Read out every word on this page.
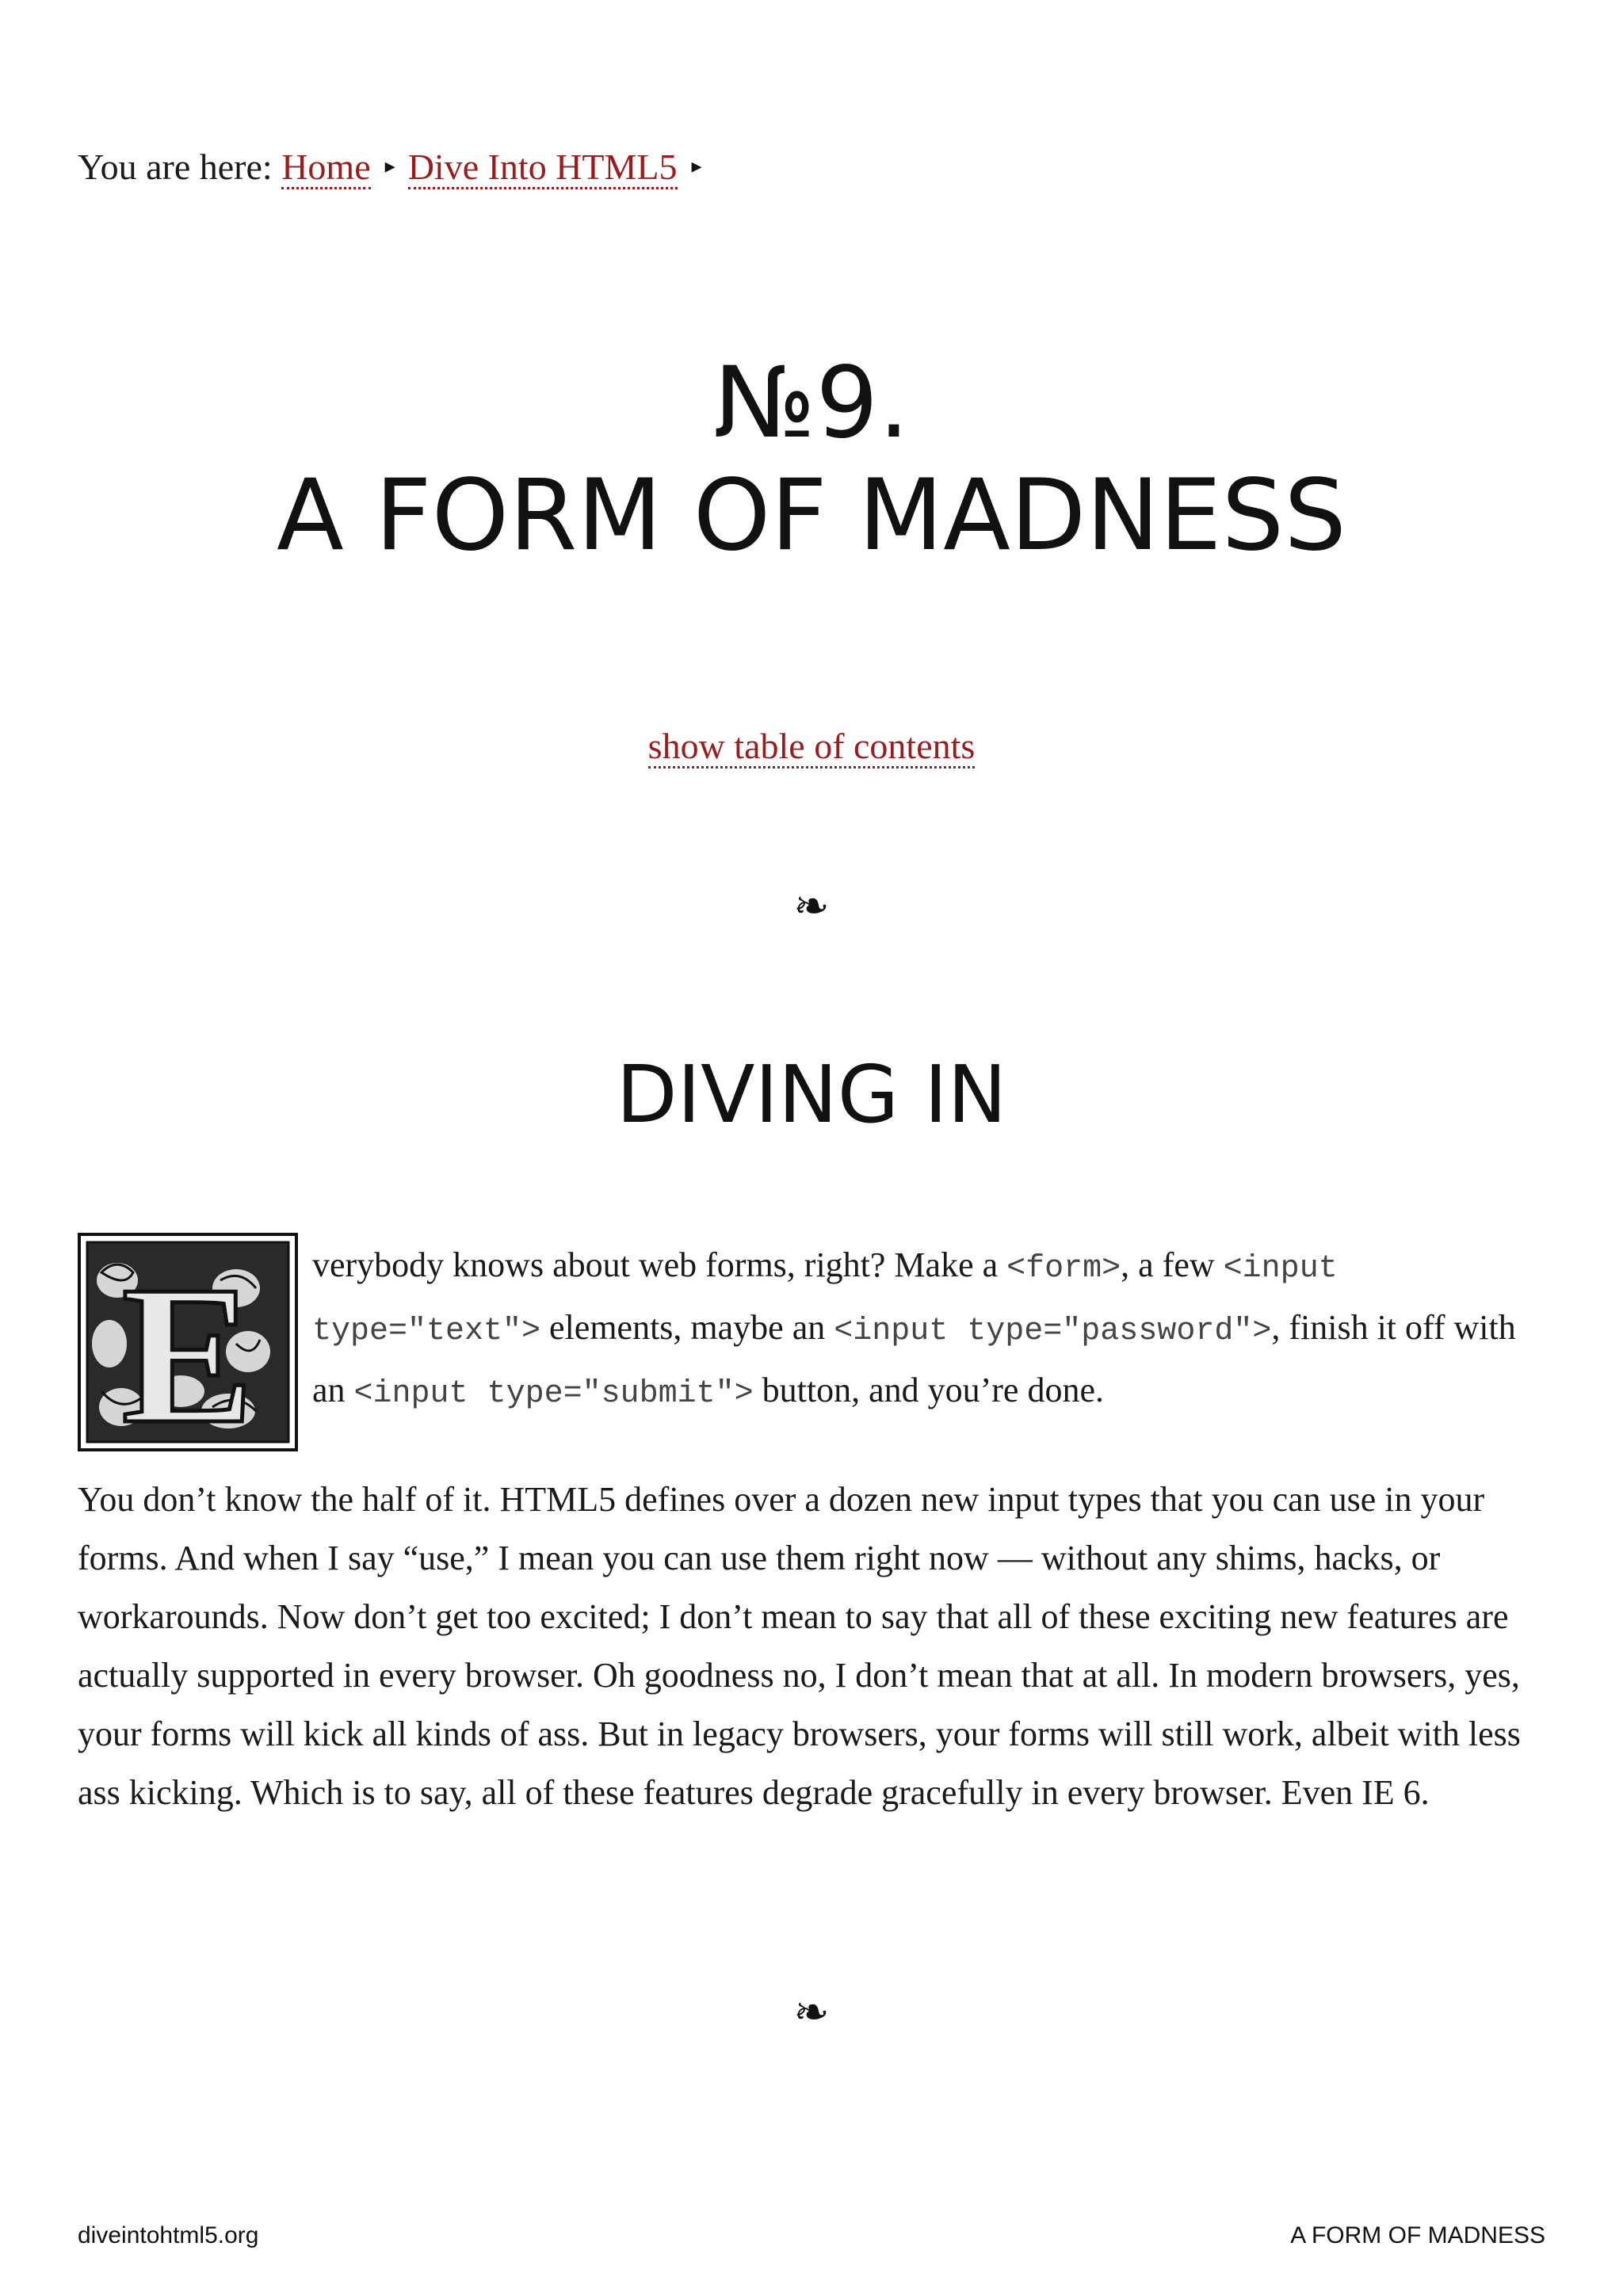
You are here: Home ▸ Dive Into HTML5 ▸
№9.
A FORM OF MADNESS
show table of contents
❧
DIVING IN
E verybody knows about web forms, right? Make a <form>, a few <input type="text"> elements, maybe an <input type="password">, finish it off with an <input type="submit"> button, and you’re done.

You don’t know the half of it. HTML5 defines over a dozen new input types that you can use in your forms. And when I say “use,” I mean you can use them right now — without any shims, hacks, or workarounds. Now don’t get too excited; I don’t mean to say that all of these exciting new features are actually supported in every browser. Oh goodness no, I don’t mean that at all. In modern browsers, yes, your forms will kick all kinds of ass. But in legacy browsers, your forms will still work, albeit with less ass kicking. Which is to say, all of these features degrade gracefully in every browser. Even IE 6.

❧
diveintohtml5.org	A FORM OF MADNESS
